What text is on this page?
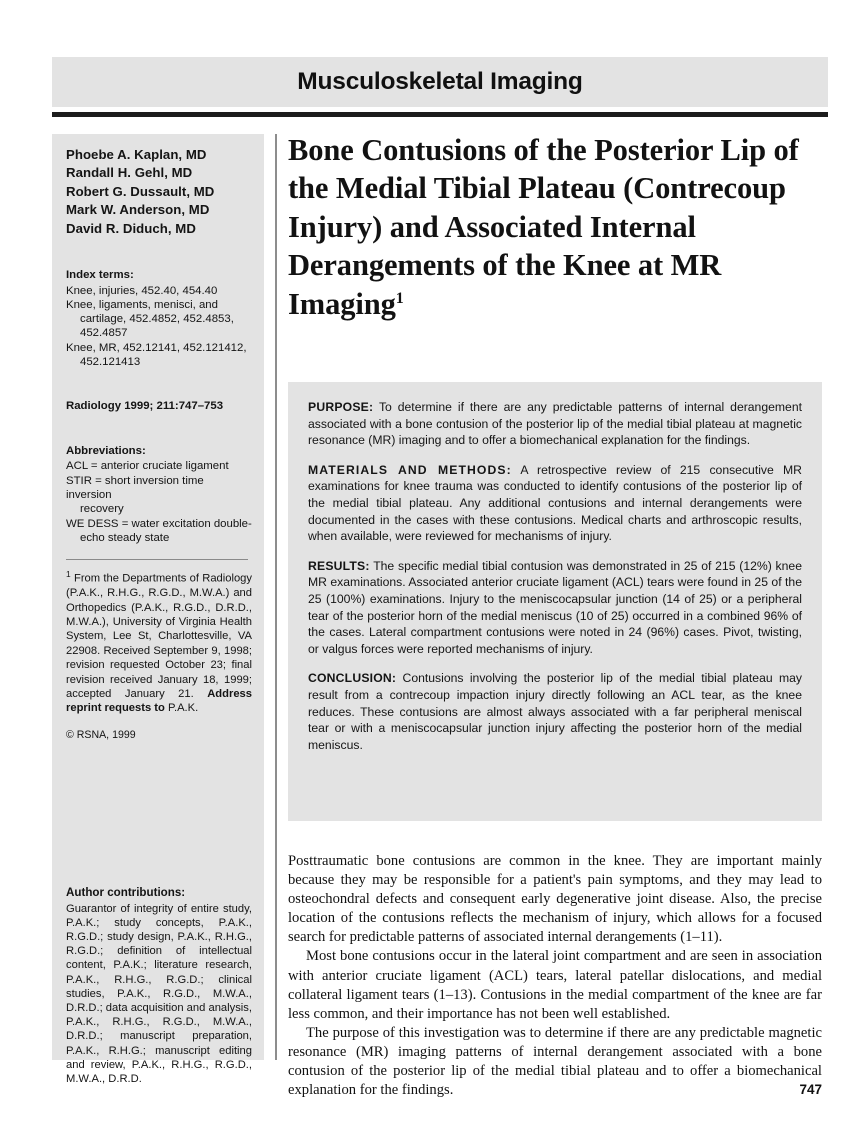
Musculoskeletal Imaging
Phoebe A. Kaplan, MD
Randall H. Gehl, MD
Robert G. Dussault, MD
Mark W. Anderson, MD
David R. Diduch, MD
Index terms:
Knee, injuries, 452.40, 454.40
Knee, ligaments, menisci, and
cartilage, 452.4852, 452.4853,
452.4857
Knee, MR, 452.12141, 452.121412,
452.121413
Radiology 1999; 211:747–753
Abbreviations:
ACL = anterior cruciate ligament
STIR = short inversion time inversion
recovery
WE DESS = water excitation double-
echo steady state

$^1$ From the Departments of Radiology (P.A.K., R.H.G., R.G.D., M.W.A.) and Orthopedics (P.A.K., R.G.D., D.R.D., M.W.A.), University of Virginia Health System, Lee St, Charlottesville, VA 22908. Received September 9, 1998; revision requested October 23; final revision received January 18, 1999; accepted January 21. Address reprint requests to P.A.K.

© RSNA, 1999
Author contributions:

Guarantor of integrity of entire study, P.A.K.; study concepts, P.A.K., R.G.D.; study design, P.A.K., R.H.G., R.G.D.; definition of intellectual content, P.A.K.; literature research, P.A.K., R.H.G., R.G.D.; clinical studies, P.A.K., R.G.D., M.W.A., D.R.D.; data acquisition and analysis, P.A.K., R.H.G., R.G.D., M.W.A., D.R.D.; manuscript preparation, P.A.K., R.H.G.; manuscript editing and review, P.A.K., R.H.G., R.G.D., M.W.A., D.R.D.

Bone Contusions of the Posterior Lip of the Medial Tibial Plateau (Contrecoup Injury) and Associated Internal Derangements of the Knee at MR Imaging$^1$

PURPOSE: To determine if there are any predictable patterns of internal derangement associated with a bone contusion of the posterior lip of the medial tibial plateau at magnetic resonance (MR) imaging and to offer a biomechanical explanation for the findings.

MATERIALS AND METHODS: A retrospective review of 215 consecutive MR examinations for knee trauma was conducted to identify contusions of the posterior lip of the medial tibial plateau. Any additional contusions and internal derangements were documented in the cases with these contusions. Medical charts and arthroscopic results, when available, were reviewed for mechanisms of injury.

RESULTS: The specific medial tibial contusion was demonstrated in 25 of 215 (12%) knee MR examinations. Associated anterior cruciate ligament (ACL) tears were found in 25 of the 25 (100%) examinations. Injury to the meniscocapsular junction (14 of 25) or a peripheral tear of the posterior horn of the medial meniscus (10 of 25) occurred in a combined 96% of the cases. Lateral compartment contusions were noted in 24 (96%) cases. Pivot, twisting, or valgus forces were reported mechanisms of injury.

CONCLUSION: Contusions involving the posterior lip of the medial tibial plateau may result from a contrecoup impaction injury directly following an ACL tear, as the knee reduces. These contusions are almost always associated with a far peripheral meniscal tear or with a meniscocapsular junction injury affecting the posterior horn of the medial meniscus.

Posttraumatic bone contusions are common in the knee. They are important mainly because they may be responsible for a patient's pain symptoms, and they may lead to osteochondral defects and consequent early degenerative joint disease. Also, the precise location of the contusions reflects the mechanism of injury, which allows for a focused search for predictable patterns of associated internal derangements (1–11).

Most bone contusions occur in the lateral joint compartment and are seen in association with anterior cruciate ligament (ACL) tears, lateral patellar dislocations, and medial collateral ligament tears (1–13). Contusions in the medial compartment of the knee are far less common, and their importance has not been well established.

The purpose of this investigation was to determine if there are any predictable magnetic resonance (MR) imaging patterns of internal derangement associated with a bone contusion of the posterior lip of the medial tibial plateau and to offer a biomechanical explanation for the findings.	747
